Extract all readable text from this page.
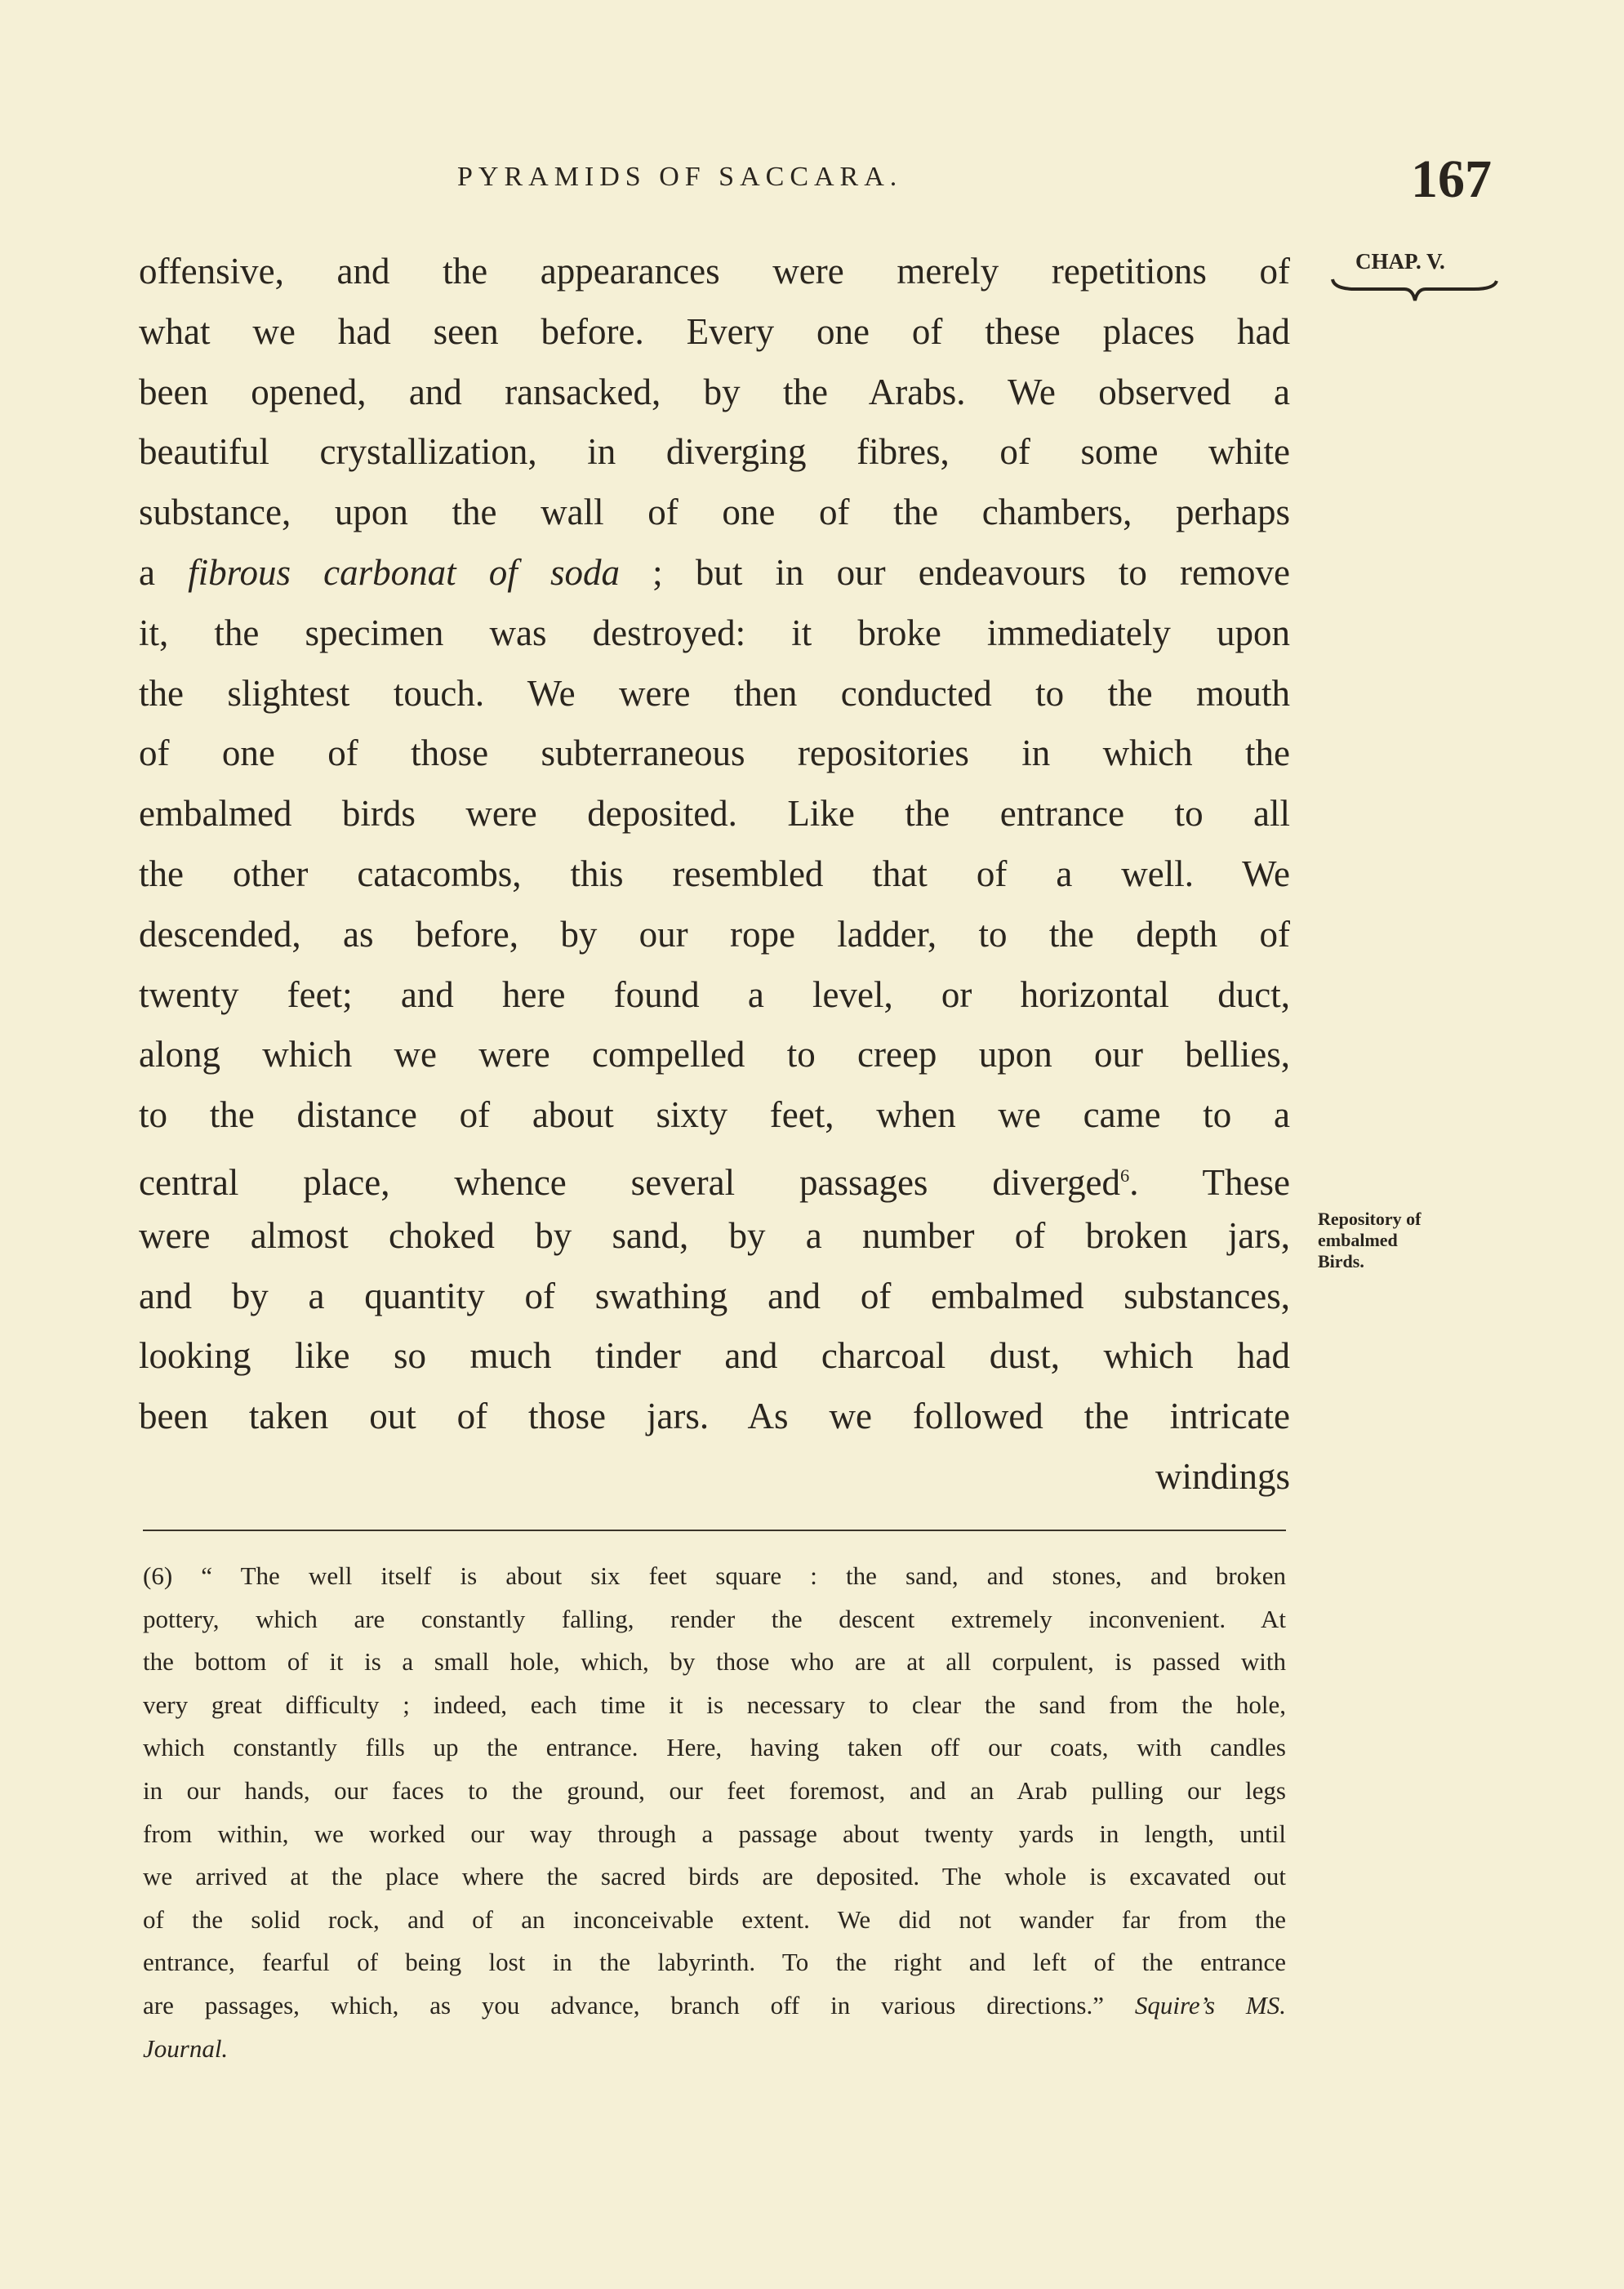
PYRAMIDS OF SACCARA.	167
CHAP. V.
offensive, and the appearances were merely repetitions of
what we had seen before. Every one of these places had
been opened, and ransacked, by the Arabs. We observed a
beautiful crystallization, in diverging fibres, of some white
substance, upon the wall of one of the chambers, perhaps
a fibrous carbonat of soda ; but in our endeavours to remove
it, the specimen was destroyed: it broke immediately upon
the slightest touch. We were then conducted to the mouth
of one of those subterraneous repositories in which the
embalmed birds were deposited. Like the entrance to all
the other catacombs, this resembled that of a well. We
descended, as before, by our rope ladder, to the depth of
twenty feet; and here found a level, or horizontal duct,
along which we were compelled to creep upon our bellies,
to the distance of about sixty feet, when we came to a
central place, whence several passages diverged$^6$. These
were almost choked by sand, by a number of broken jars,
and by a quantity of swathing and of embalmed substances,
looking like so much tinder and charcoal dust, which had
been taken out of those jars. As we followed the intricate
windings
Repository of
embalmed
Birds.
(6) “ The well itself is about six feet square : the sand, and stones, and broken
pottery, which are constantly falling, render the descent extremely inconvenient. At
the bottom of it is a small hole, which, by those who are at all corpulent, is passed with
very great difficulty ; indeed, each time it is necessary to clear the sand from the hole,
which constantly fills up the entrance. Here, having taken off our coats, with candles
in our hands, our faces to the ground, our feet foremost, and an Arab pulling our legs
from within, we worked our way through a passage about twenty yards in length, until
we arrived at the place where the sacred birds are deposited. The whole is excavated out
of the solid rock, and of an inconceivable extent. We did not wander far from the
entrance, fearful of being lost in the labyrinth. To the right and left of the entrance
are passages, which, as you advance, branch off in various directions.” Squire’s MS.
Journal.
